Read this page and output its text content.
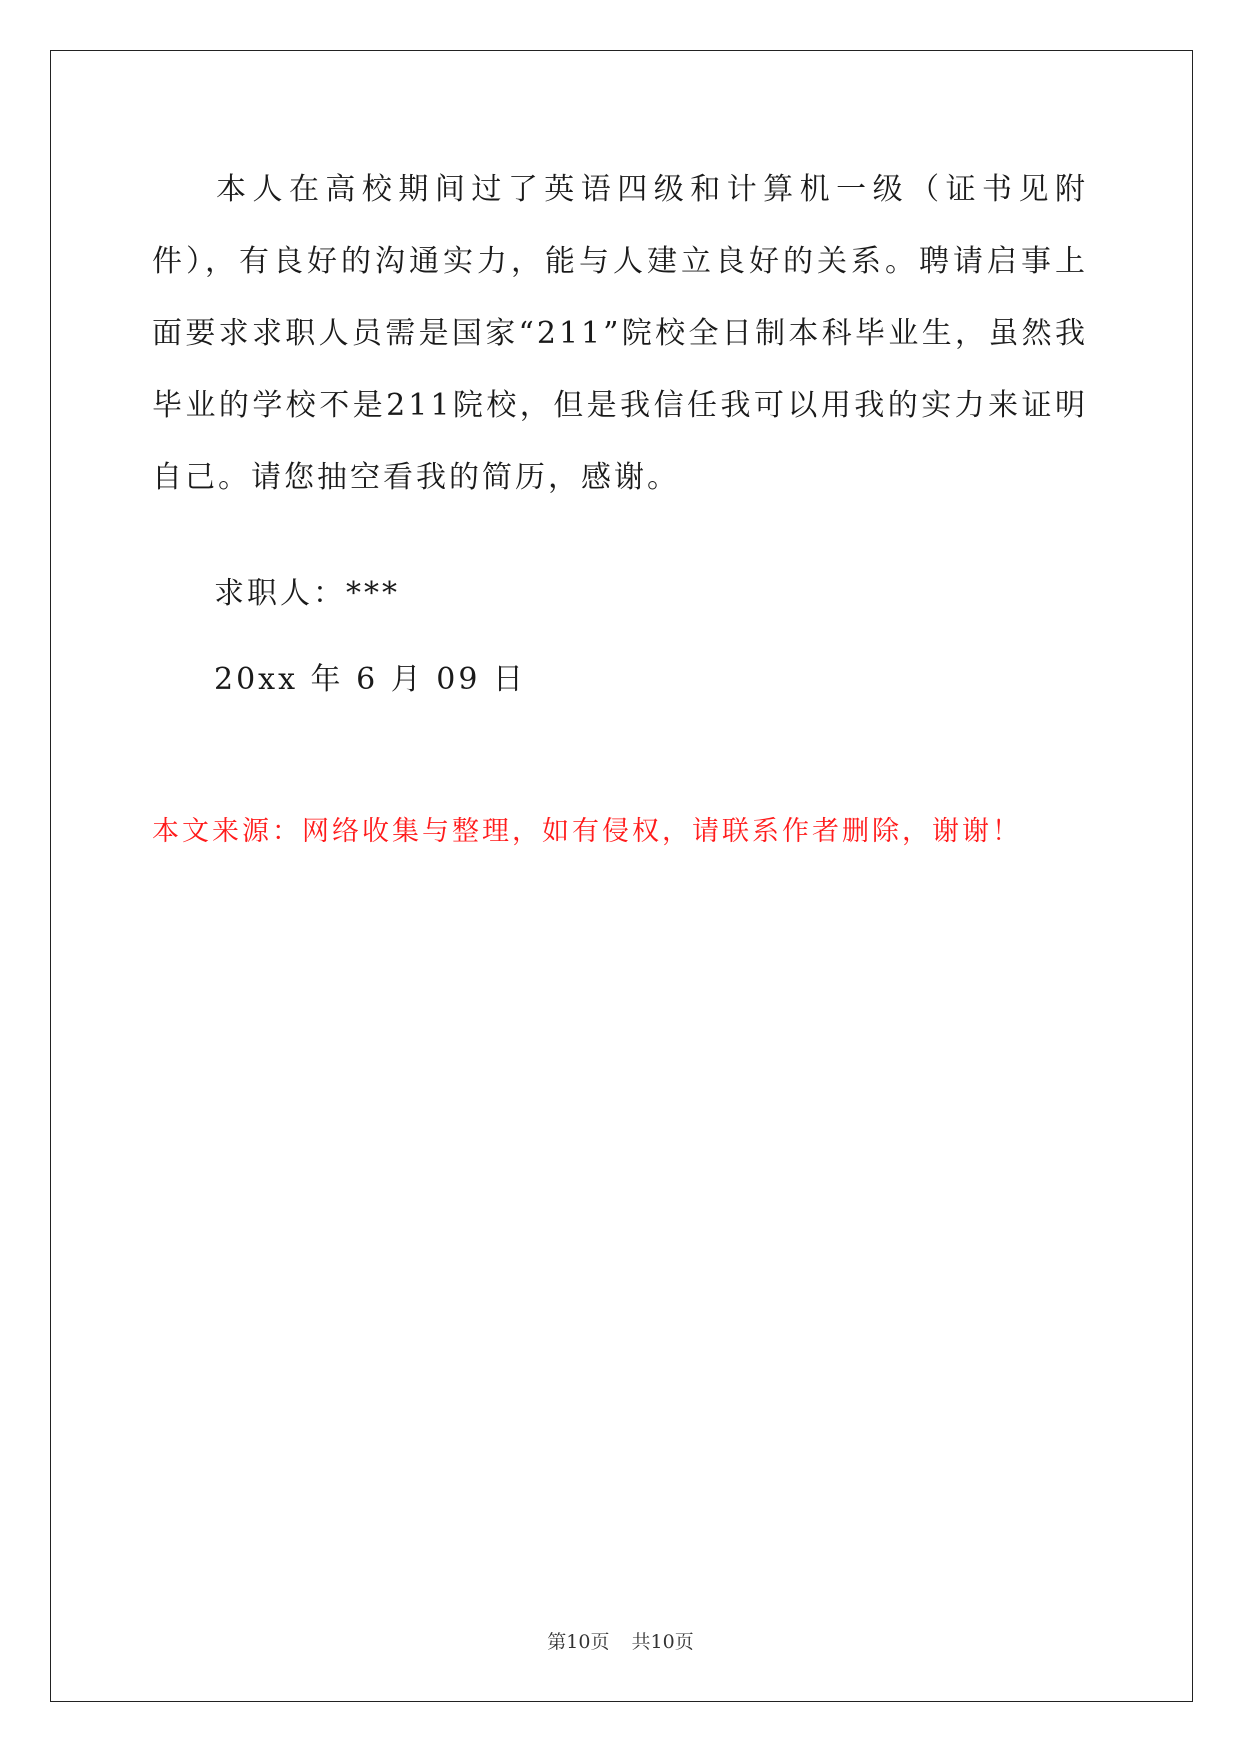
本人在高校期间过了英语四级和计算机一级（证书见附件），有良好的沟通实力，能与人建立良好的关系。聘请启事上面要求求职人员需是国家“211”院校全日制本科毕业生，虽然我毕业的学校不是211院校，但是我信任我可以用我的实力来证明自己。请您抽空看我的简历，感谢。

求职人：***
20xx 年 6 月 09 日
本文来源：网络收集与整理，如有侵权，请联系作者删除，谢谢！
第10页 共10页
